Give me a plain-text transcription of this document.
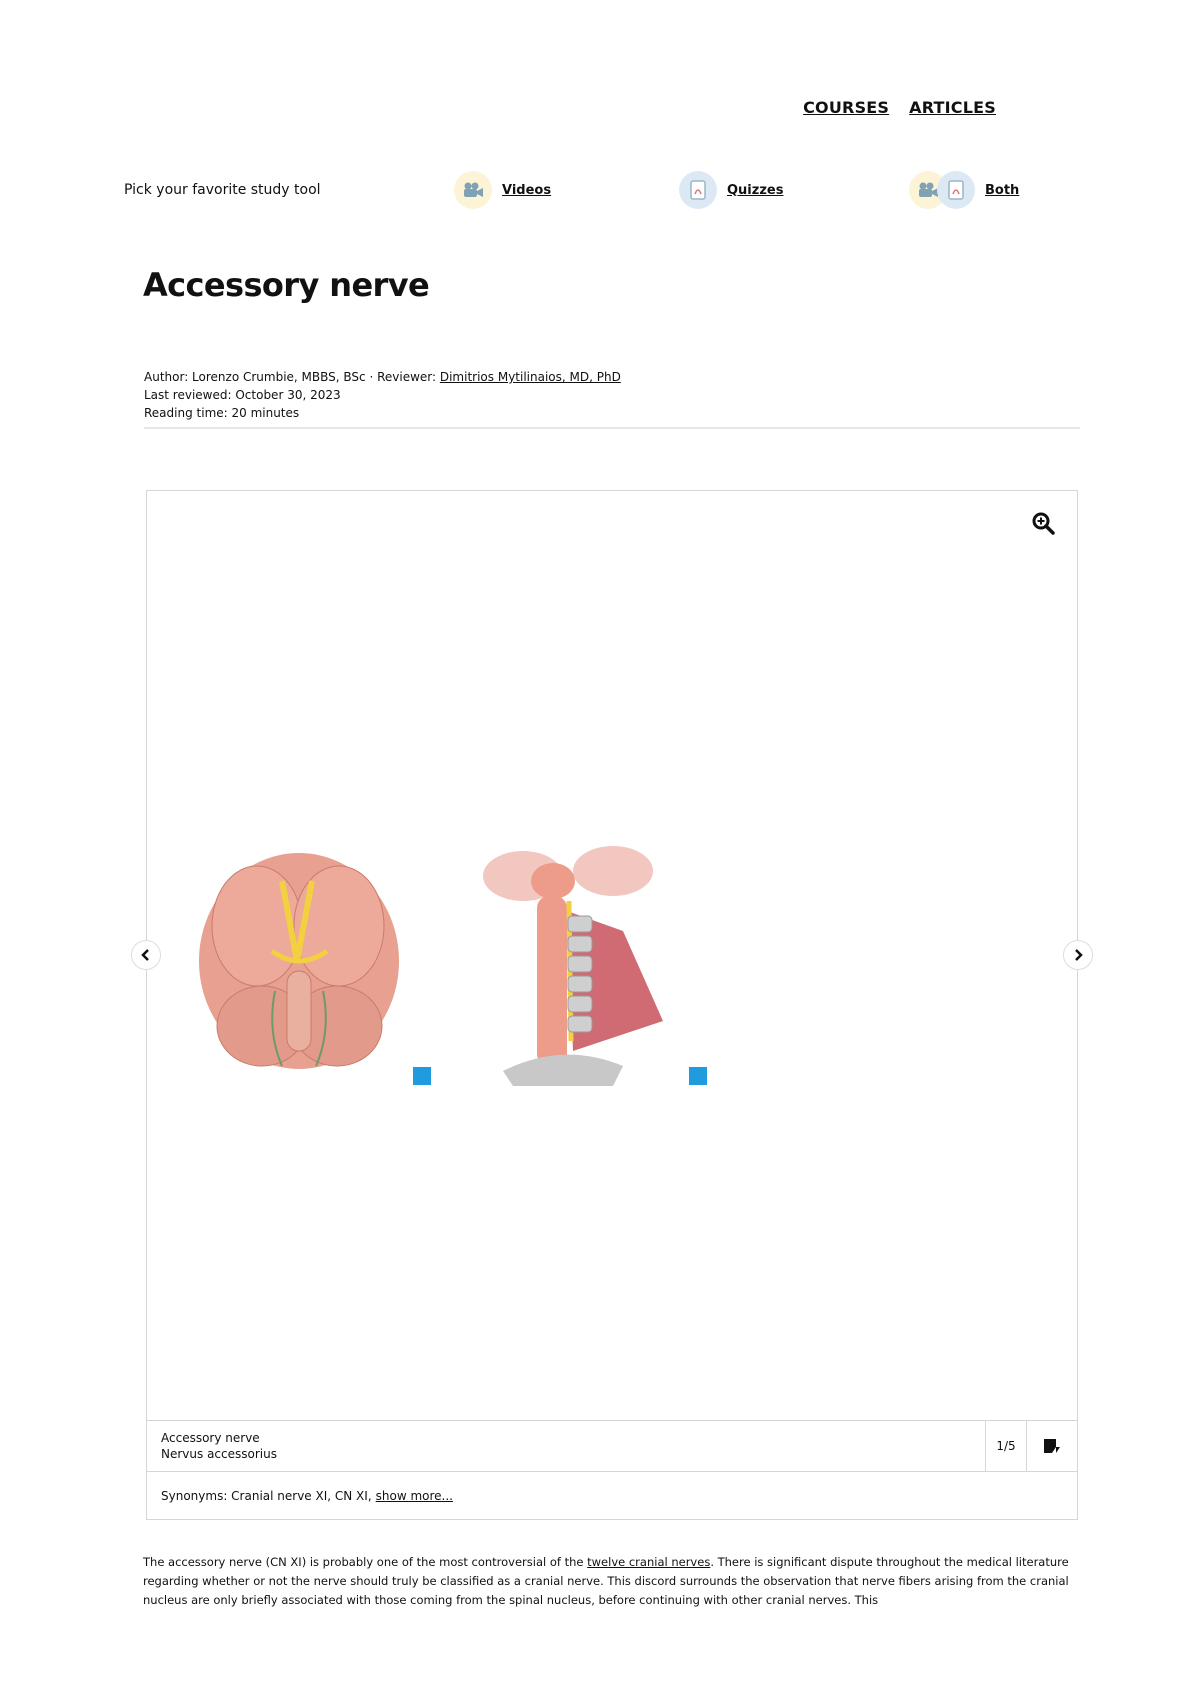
COURSES ARTICLES
Pick your favorite study tool	Videos	Quizzes	Both
Accessory nerve
Author: Lorenzo Crumbie, MBBS, BSc · Reviewer: Dimitrios Mytilinaios, MD, PhD
Last reviewed: October 30, 2023
Reading time: 20 minutes
Accessory nerve
Nervus accessorius
1/5
Synonyms: Cranial nerve XI, CN XI, show more...

The accessory nerve (CN XI) is probably one of the most controversial of the twelve cranial nerves. There is significant dispute throughout the medical literature regarding whether or not the nerve should truly be classified as a cranial nerve. This discord surrounds the observation that nerve fibers arising from the cranial nucleus are only briefly associated with those coming from the spinal nucleus, before continuing with other cranial nerves. This
